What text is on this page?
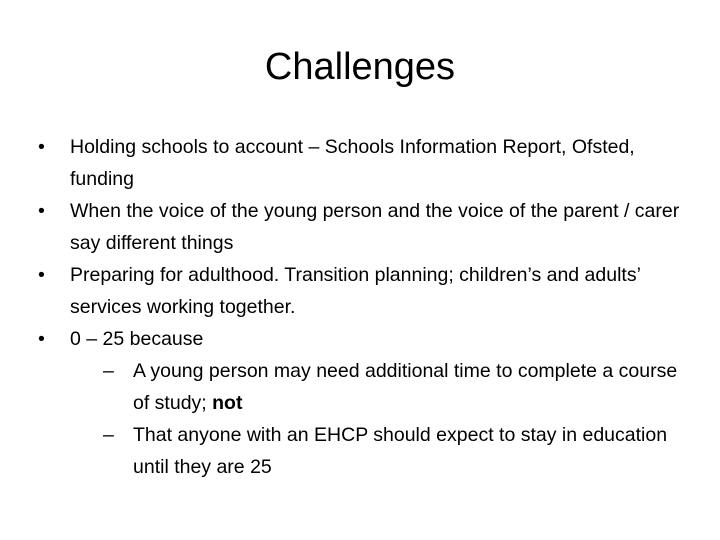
Challenges
•	Holding schools to account – Schools Information Report, Ofsted, funding
•	When the voice of the young person and the voice of the parent / carer say different things
•	Preparing for adulthood. Transition planning; children’s and adults’ services working together.
•	0 – 25 because
– A young person may need additional time to complete a course of study; not
– That anyone with an EHCP should expect to stay in education until they are 25
